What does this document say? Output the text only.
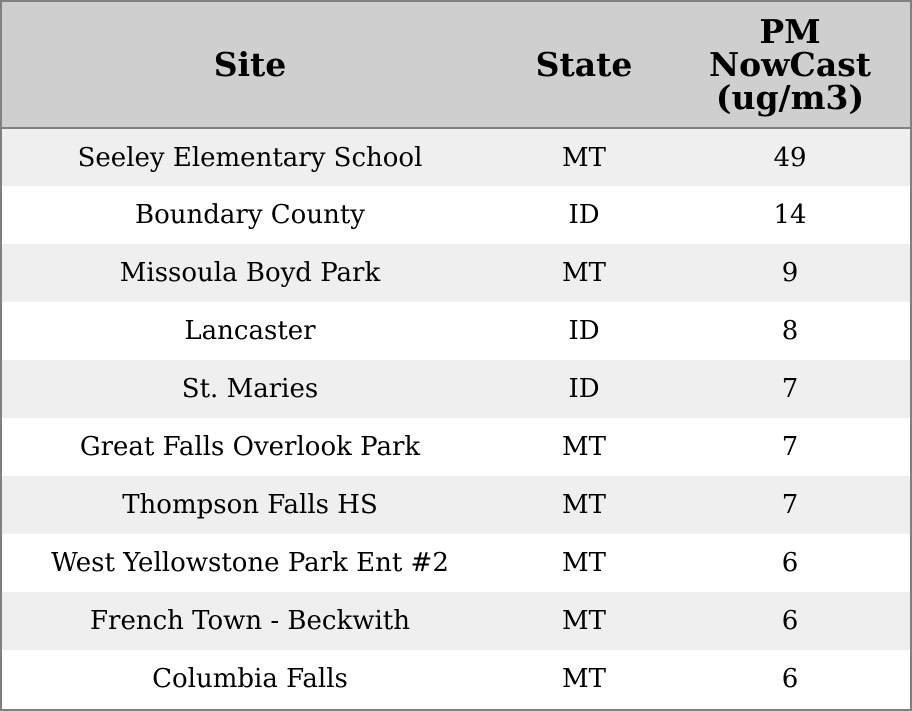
Site	State	PM
NowCast
(ug/m3)

Seeley Elementary School	MT	49
Boundary County	ID	14
Missoula Boyd Park	MT	9
Lancaster	ID	8
St. Maries	ID	7
Great Falls Overlook Park	MT	7
Thompson Falls HS	MT	7
West Yellowstone Park Ent #2	MT	6
French Town - Beckwith	MT	6
Columbia Falls	MT	6
